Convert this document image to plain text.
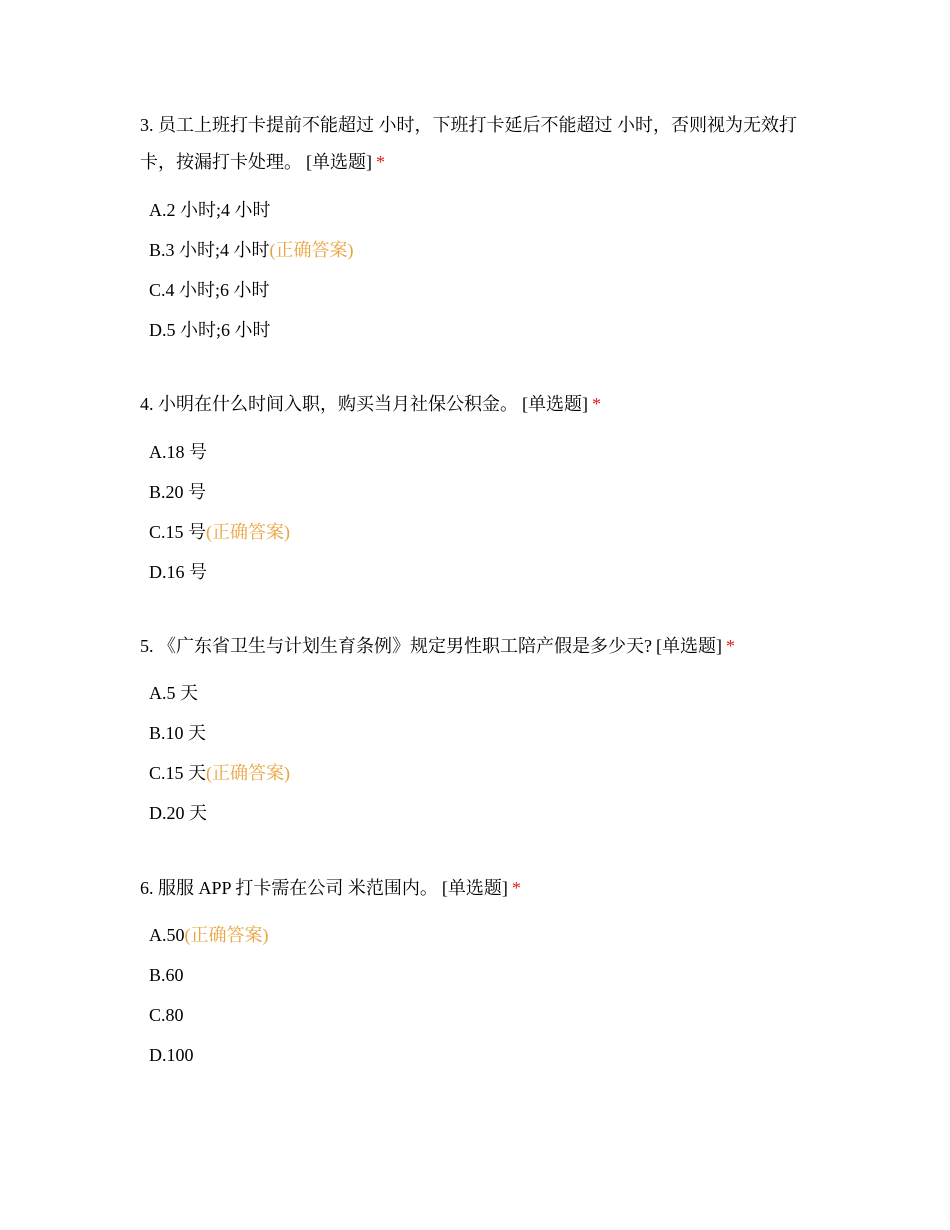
3. 员工上班打卡提前不能超过 小时，下班打卡延后不能超过 小时，否则视为无效打卡，按漏打卡处理。 [单选题] *

A.2 小时;4 小时
B.3 小时;4 小时(正确答案)
C.4 小时;6 小时
D.5 小时;6 小时

4. 小明在什么时间入职，购买当月社保公积金。 [单选题] *

A.18 号
B.20 号
C.15 号(正确答案)
D.16 号

5. 《广东省卫生与计划生育条例》规定男性职工陪产假是多少天? [单选题] *

A.5 天
B.10 天
C.15 天(正确答案)
D.20 天

6. 服服 APP 打卡需在公司 米范围内。 [单选题] *

A.50(正确答案)
B.60
C.80
D.100
